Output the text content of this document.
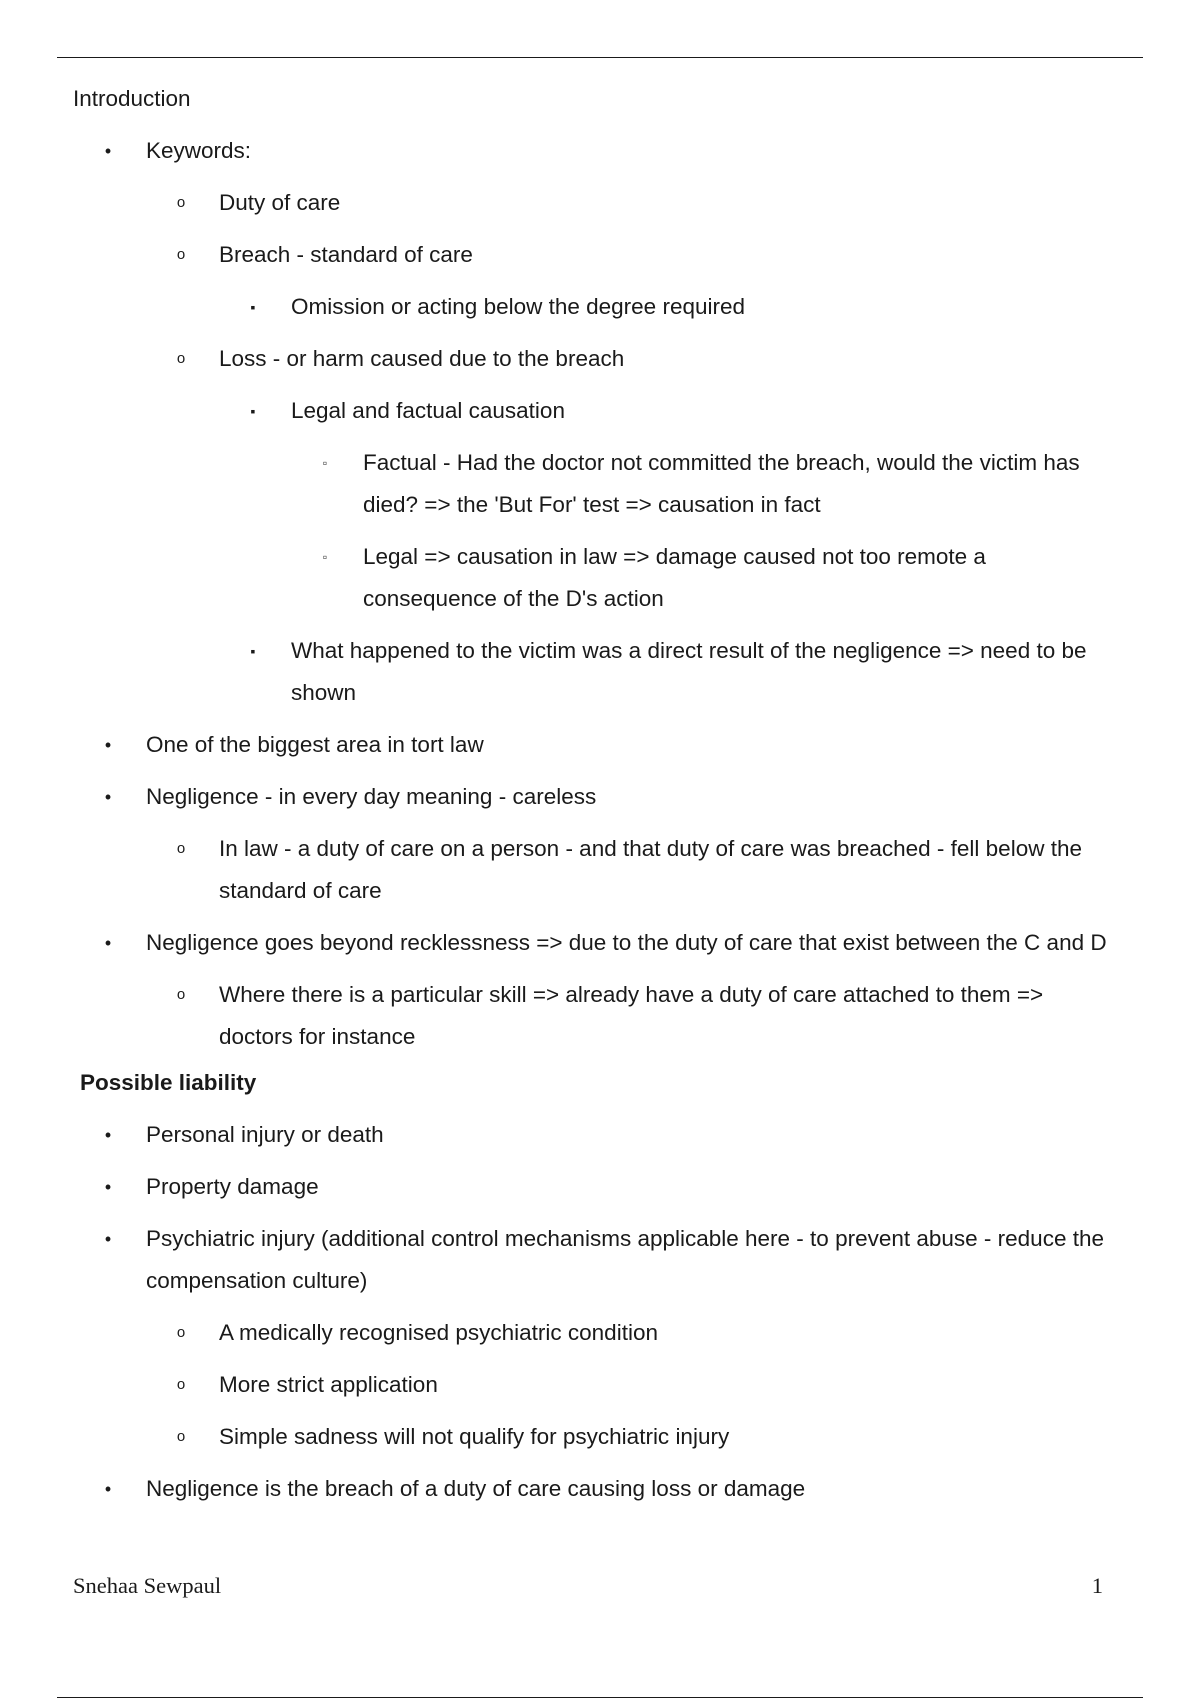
Introduction
•	Keywords:
o Duty of care
o Breach - standard of care
▪	Omission or acting below the degree required
o Loss - or harm caused due to the breach
▪	Legal and factual causation
▫	Factual - Had the doctor not committed the breach, would the victim has died? => the 'But For' test => causation in fact
▫	Legal => causation in law => damage caused not too remote a consequence of the D's action
▪	What happened to the victim was a direct result of the negligence => need to be shown
•	One of the biggest area in tort law
•	Negligence - in every day meaning - careless
o In law - a duty of care on a person - and that duty of care was breached - fell below the standard of care
•	Negligence goes beyond recklessness => due to the duty of care that exist between the C and D
o Where there is a particular skill => already have a duty of care attached to them => doctors for instance
Possible liability
•	Personal injury or death
•	Property damage
•	Psychiatric injury (additional control mechanisms applicable here - to prevent abuse - reduce the compensation culture)
o A medically recognised psychiatric condition
o More strict application
o Simple sadness will not qualify for psychiatric injury
•	Negligence is the breach of a duty of care causing loss or damage
Snehaa Sewpaul	1
